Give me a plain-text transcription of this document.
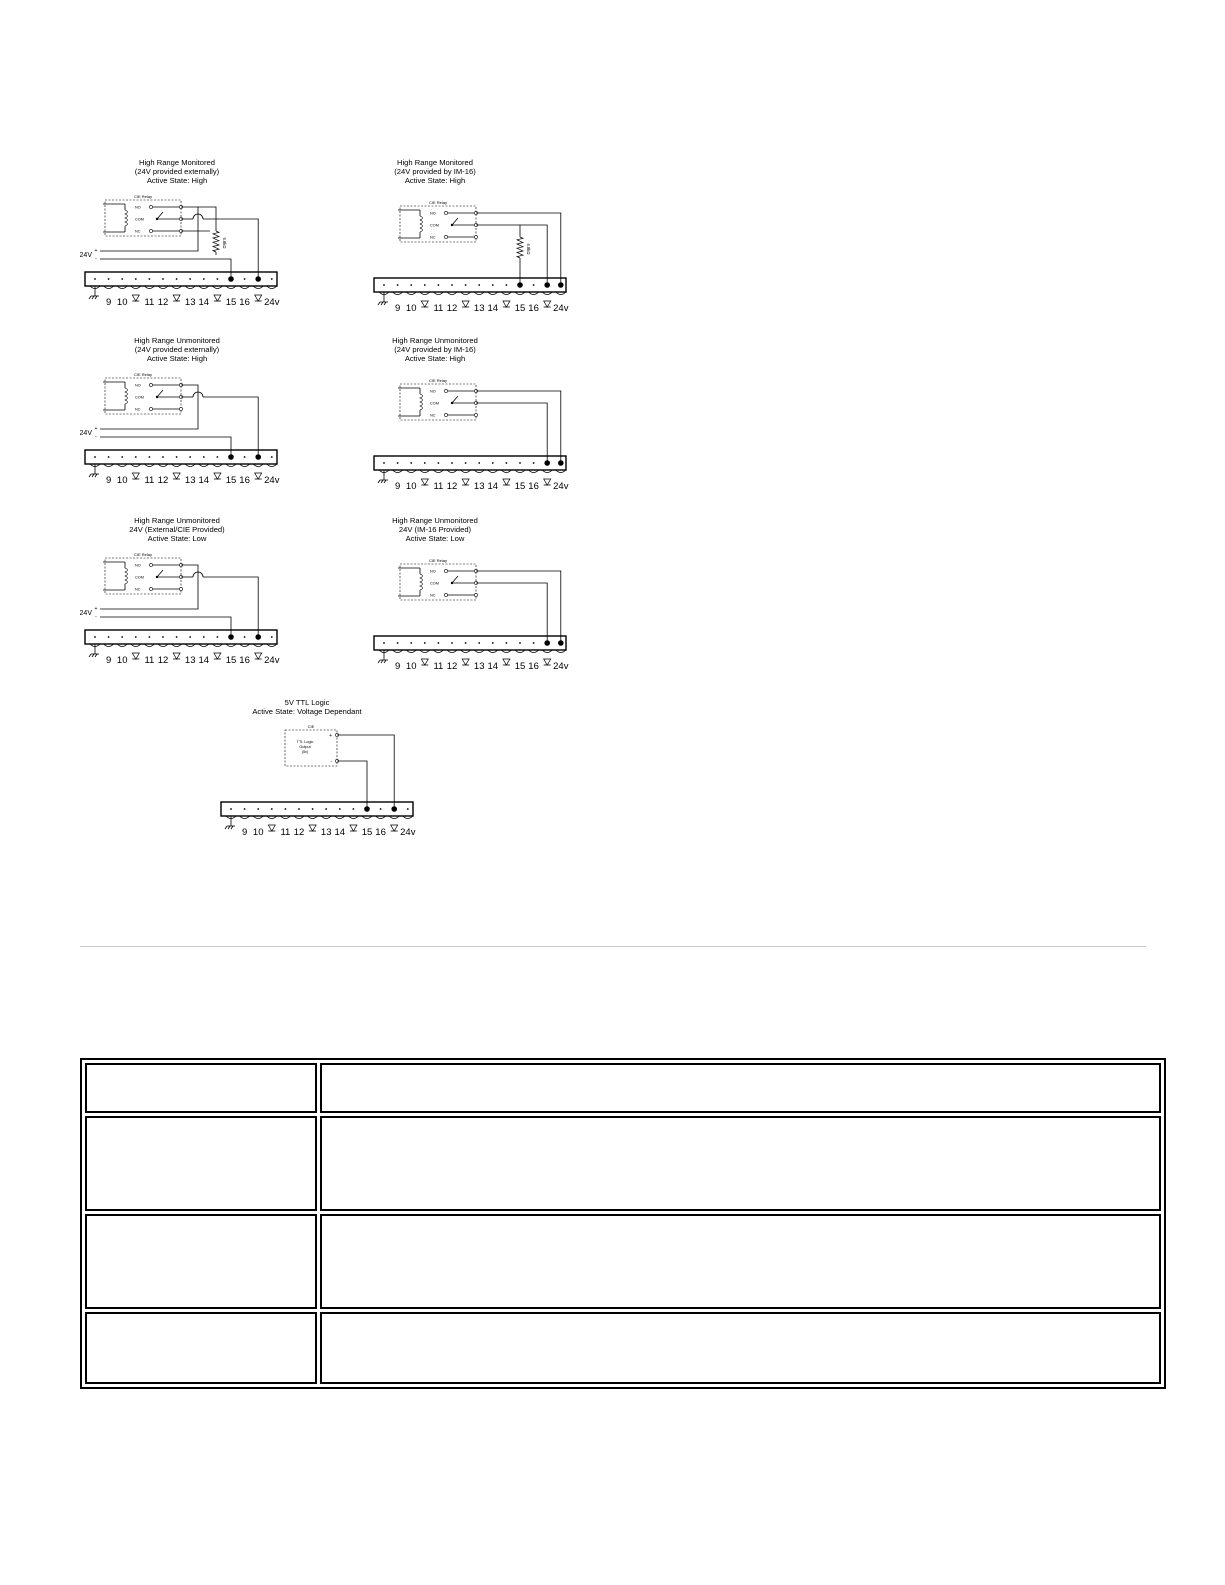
High Range Monitored
(24V provided externally)
Active State: High
9 10 11 12 13 14 15 16 24v
CIE Relay
NO
COM
NC
24V
+
-
6.8kΩ
High Range Monitored
(24V provided by IM-16)
Active State: High
9 10 11 12 13 14 15 16 24v
CIE Relay
NO
COM
NC
6.8kΩ
High Range Unmonitored
(24V provided externally)
Active State: High
9 10 11 12 13 14 15 16 24v
CIE Relay
NO
COM
NC
24V
+
-
High Range Unmonitored
(24V provided by IM-16)
Active State: High
9 10 11 12 13 14 15 16 24v
CIE Relay
NO
COM
NC
High Range Unmonitored
24V (External/CIE Provided)
Active State: Low
9 10 11 12 13 14 15 16 24v
CIE Relay
NO
COM
NC
24V
+
-
High Range Unmonitored
24V (IM-16 Provided)
Active State: Low
9 10 11 12 13 14 15 16 24v
CIE Relay
NO
COM
NC
5V TTL Logic
Active State: Voltage Dependant
9 10 11 12 13 14 15 16 24v
CIE
TTL Logic
Output
(5v)
+
-
